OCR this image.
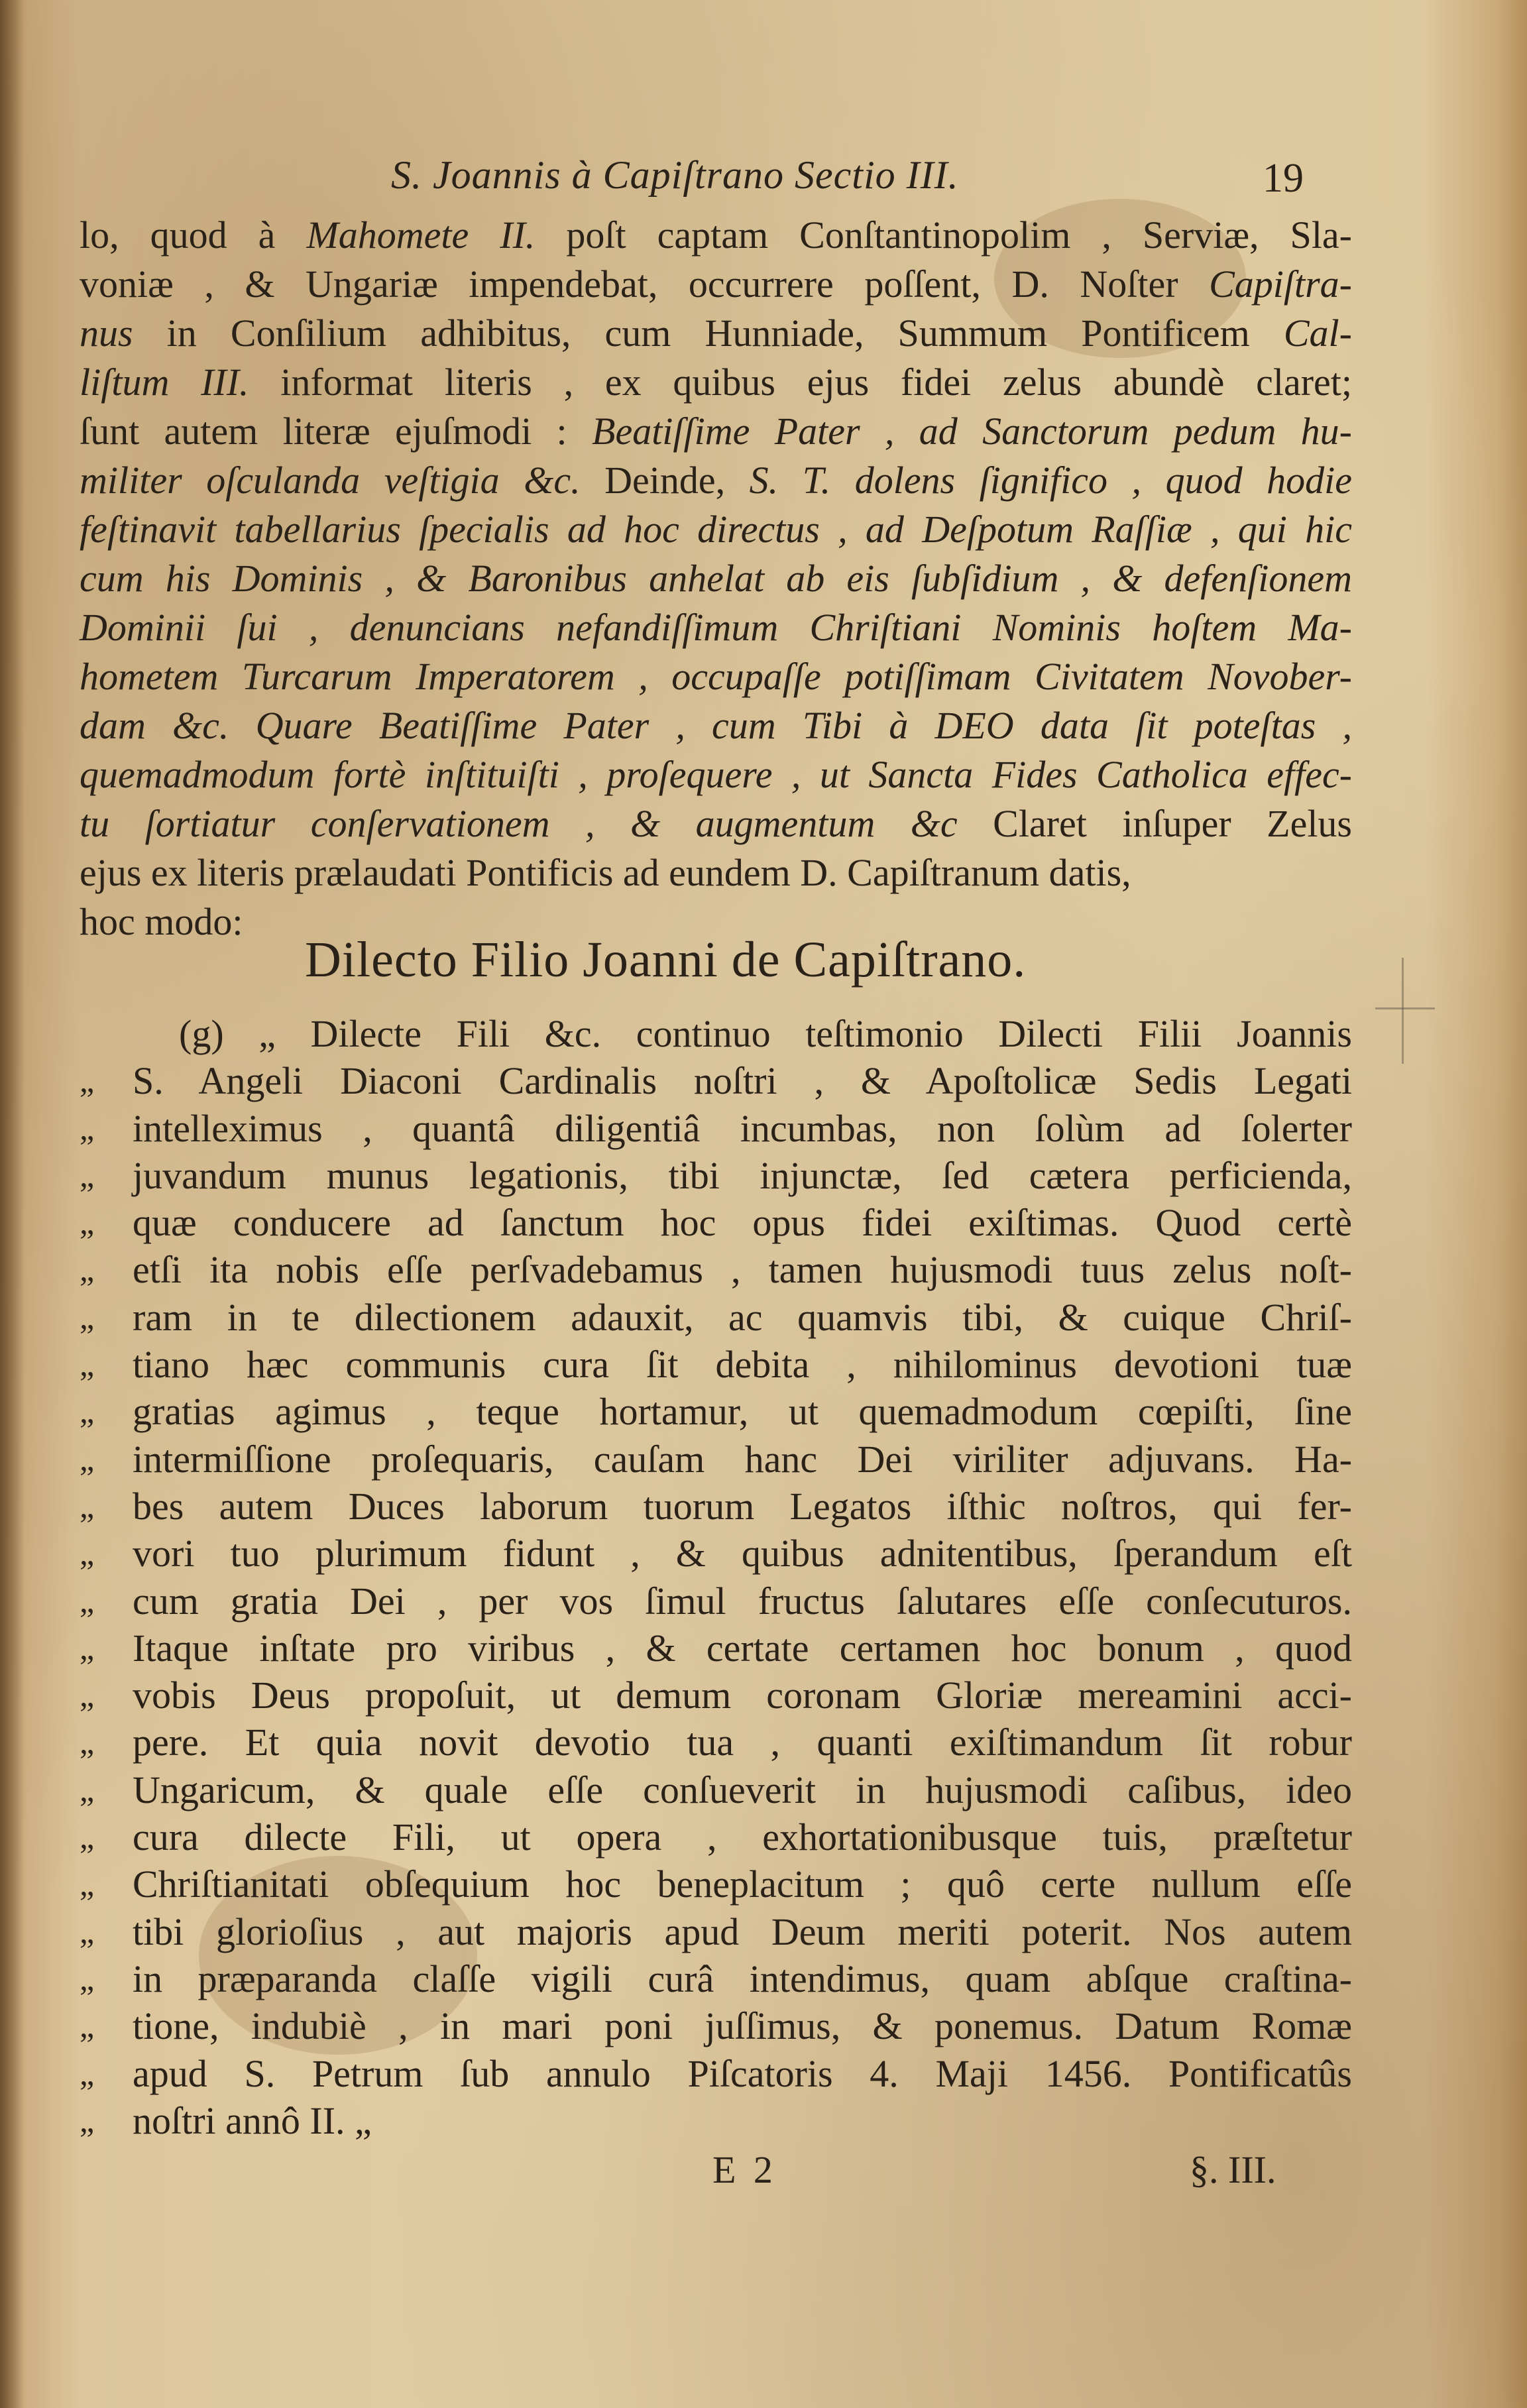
S. Joannis à Capiſtrano Sectio III.	19
lo, quod à Mahomete II. poſt captam Conſtantinopolim , Serviæ, Sla-
voniæ , & Ungariæ impendebat, occurrere poſſent, D. Noſter Capiſtra-
nus in Conſilium adhibitus, cum Hunniade, Summum Pontificem Cal-
liſtum III. informat literis , ex quibus ejus fidei zelus abundè claret;
ſunt autem literæ ejuſmodi : Beatiſſime Pater , ad Sanctorum pedum hu-
militer oſculanda veſtigia &c. Deinde, S. T. dolens ſignifico , quod hodie
feſtinavit tabellarius ſpecialis ad hoc directus , ad Deſpotum Raſſiæ , qui hic
cum his Dominis , & Baronibus anhelat ab eis ſubſidium , & defenſionem
Dominii ſui , denuncians nefandiſſimum Chriſtiani Nominis hoſtem Ma-
hometem Turcarum Imperatorem , occupaſſe potiſſimam Civitatem Novober-
dam &c. Quare Beatiſſime Pater , cum Tibi à DEO data ſit poteſtas ,
quemadmodum fortè inſtituiſti , proſequere , ut Sancta Fides Catholica effec-
tu ſortiatur conſervationem , & augmentum &c Claret inſuper Zelus
ejus ex literis prælaudati Pontificis ad eundem D. Capiſtranum datis,
hoc modo:
Dilecto Filio Joanni de Capiſtrano.
(g) „ Dilecte Fili &c. continuo teſtimonio Dilecti Filii Joannis
„ S. Angeli Diaconi Cardinalis noſtri , & Apoſtolicæ Sedis Legati
„ intelleximus , quantâ diligentiâ incumbas, non ſolùm ad ſolerter
„ juvandum munus legationis, tibi injunctæ, ſed cætera perficienda,
„ quæ conducere ad ſanctum hoc opus fidei exiſtimas. Quod certè
„ etſi ita nobis eſſe perſvadebamus , tamen hujusmodi tuus zelus noſt-
„ ram in te dilectionem adauxit, ac quamvis tibi, & cuique Chriſ-
„ tiano hæc communis cura ſit debita , nihilominus devotioni tuæ
„ gratias agimus , teque hortamur, ut quemadmodum cœpiſti, ſine
„ intermiſſione proſequaris, cauſam hanc Dei viriliter adjuvans. Ha-
„ bes autem Duces laborum tuorum Legatos iſthic noſtros, qui fer-
„ vori tuo plurimum fidunt , & quibus adnitentibus, ſperandum eſt
„ cum gratia Dei , per vos ſimul fructus ſalutares eſſe conſecuturos.
„ Itaque inſtate pro viribus , & certate certamen hoc bonum , quod
„ vobis Deus propoſuit, ut demum coronam Gloriæ mereamini acci-
„ pere. Et quia novit devotio tua , quanti exiſtimandum ſit robur
„ Ungaricum, & quale eſſe conſueverit in hujusmodi caſibus, ideo
„ cura dilecte Fili, ut opera , exhortationibusque tuis, præſtetur
„ Chriſtianitati obſequium hoc beneplacitum ; quô certe nullum eſſe
„ tibi glorioſius , aut majoris apud Deum meriti poterit. Nos autem
„ in præparanda claſſe vigili curâ intendimus, quam abſque craſtina-
„ tione, indubiè , in mari poni juſſimus, & ponemus. Datum Romæ
„ apud S. Petrum ſub annulo Piſcatoris 4. Maji 1456. Pontificatûs
„ noſtri annô II. „
E 2	§. III.
